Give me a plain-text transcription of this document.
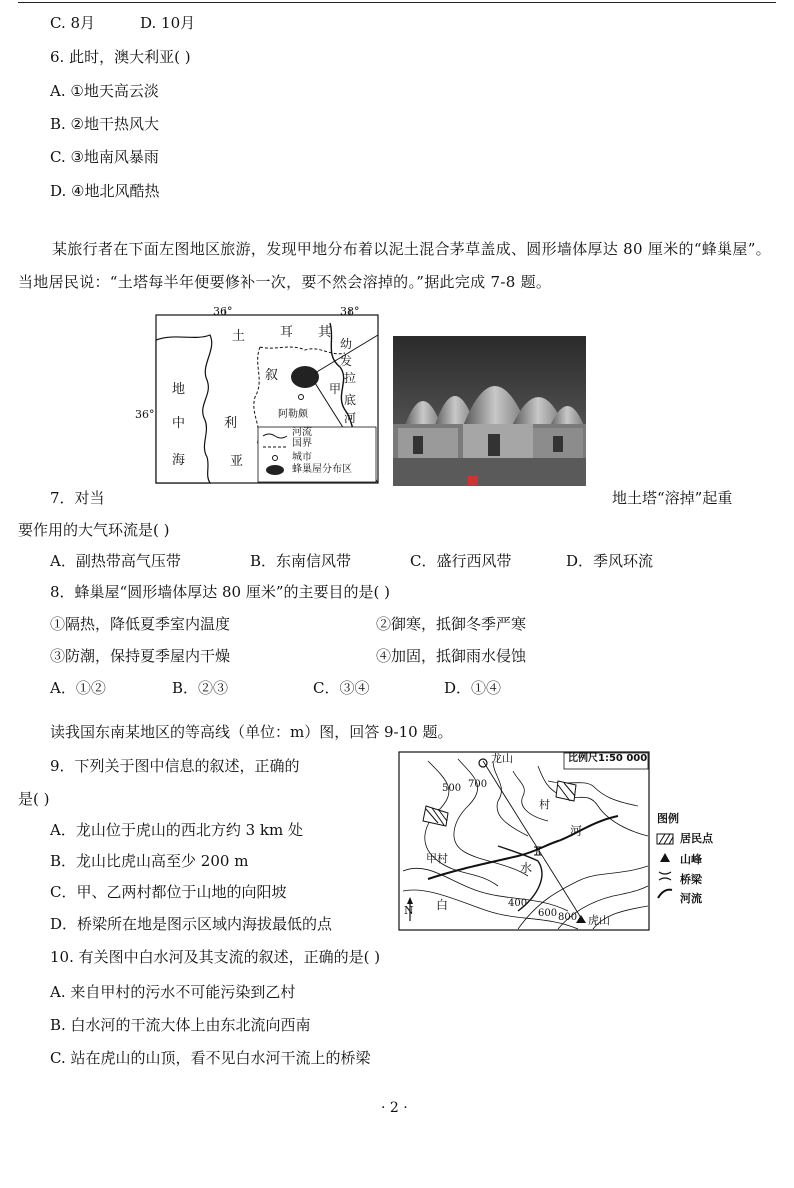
C. 8月	D. 10月
6. 此时，澳大利亚( )
A. ①地天高云淡
B. ②地干热风大
C. ③地南风暴雨
D. ④地北风酷热
某旅行者在下面左图地区旅游，发现甲地分布着以泥土混合茅草盖成、圆形墙体厚达 80 厘米的“蜂巢屋”。当地居民说：“土塔每半年便要修补一次，要不然会溶掉的。”据此完成 7-8 题。
36°	38°
36°
土	耳 其
幼
发
拉
底
河
甲
叙
利
亚
阿勒颇
地
中
海
河流
国界
城市
蜂巢屋分布区
7．对当	地土塔“溶掉”起重
要作用的大气环流是( )
A．副热带高气压带	B．东南信风带	C．盛行西风带	D．季风环流
8．蜂巢屋“圆形墙体厚达 80 厘米”的主要目的是( )
①隔热，降低夏季室内温度	②御寒，抵御冬季严寒
③防潮，保持夏季屋内干燥	④加固，抵御雨水侵蚀
A．①②	B．②③	C．③④	D．①④
读我国东南某地区的等高线（单位：m）图，回答 9-10 题。
9．下列关于图中信息的叙述，正确的
是( )
A．龙山位于虎山的西北方约 3 km 处
B．龙山比虎山高至少 200 m
C．甲、乙两村都位于山地的向阳坡
D．桥梁所在地是图示区域内海拔最低的点
比例尺1:50 000
龙山
虎山
500 700
400
600 800
甲村
村
白
水
河
N
图例
居民点
山峰
桥梁
河流
10. 有关图中白水河及其支流的叙述，正确的是( )
A. 来自甲村的污水不可能污染到乙村
B. 白水河的干流大体上由东北流向西南
C. 站在虎山的山顶，看不见白水河干流上的桥梁
· 2 ·
